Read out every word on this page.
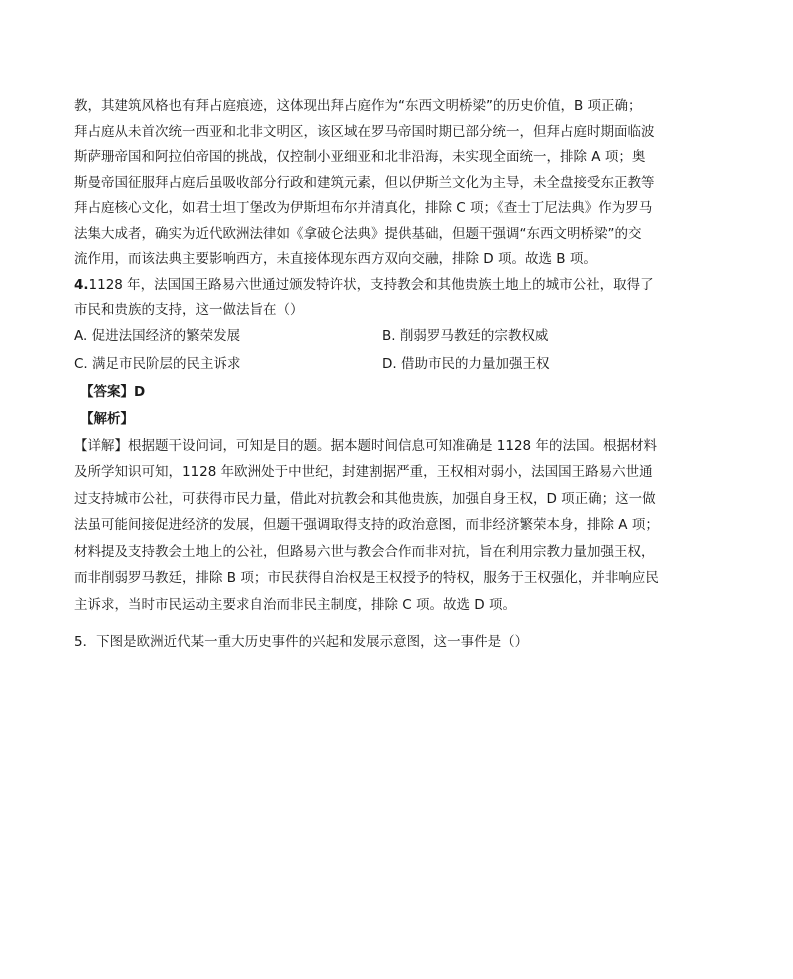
教，其建筑风格也有拜占庭痕迹，这体现出拜占庭作为“东西文明桥梁”的历史价值，B 项正确；
拜占庭从未首次统一西亚和北非文明区，该区域在罗马帝国时期已部分统一，但拜占庭时期面临波
斯萨珊帝国和阿拉伯帝国的挑战，仅控制小亚细亚和北非沿海，未实现全面统一，排除 A 项；奥
斯曼帝国征服拜占庭后虽吸收部分行政和建筑元素，但以伊斯兰文化为主导，未全盘接受东正教等
拜占庭核心文化，如君士坦丁堡改为伊斯坦布尔并清真化，排除 C 项；《查士丁尼法典》作为罗马
法集大成者，确实为近代欧洲法律如《拿破仑法典》提供基础，但题干强调“东西文明桥梁”的交
流作用，而该法典主要影响西方，未直接体现东西方双向交融，排除 D 项。故选 B 项。
4.1128 年，法国国王路易六世通过颁发特许状，支持教会和其他贵族土地上的城市公社，取得了
市民和贵族的支持，这一做法旨在（）
A. 促进法国经济的繁荣发展	B. 削弱罗马教廷的宗教权威
C. 满足市民阶层的民主诉求	D. 借助市民的力量加强王权
【答案】D
【解析】
【详解】根据题干设问词，可知是目的题。据本题时间信息可知准确是 1128 年的法国。根据材料
及所学知识可知，1128 年欧洲处于中世纪，封建割据严重，王权相对弱小，法国国王路易六世通
过支持城市公社，可获得市民力量，借此对抗教会和其他贵族，加强自身王权，D 项正确；这一做
法虽可能间接促进经济的发展，但题干强调取得支持的政治意图，而非经济繁荣本身，排除 A 项；
材料提及支持教会土地上的公社，但路易六世与教会合作而非对抗，旨在利用宗教力量加强王权，
而非削弱罗马教廷，排除 B 项；市民获得自治权是王权授予的特权，服务于王权强化，并非响应民
主诉求，当时市民运动主要求自治而非民主制度，排除 C 项。故选 D 项。
5．下图是欧洲近代某一重大历史事件的兴起和发展示意图，这一事件是（）
